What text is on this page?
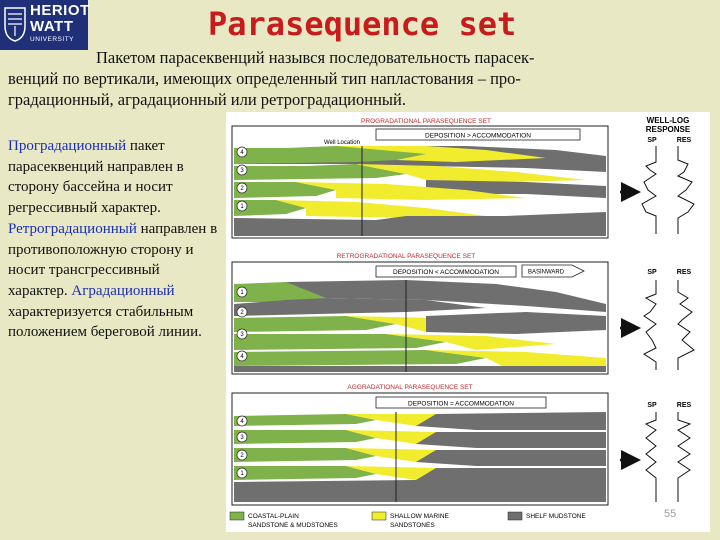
HERIOT
WATT
UNIVERSITY	Parasequence set

Пакетом парасеквенций назывся последовательность парасек-
венций по вертикали, имеющих определенный тип напластования – про-
градационный, аградационный или ретроградационный.

Проградационный пакет парасеквенций направлен в сторону бассейна и носит регрессивный характер. Ретроградационный направлен в противоположную сторону и носит трансгрессивный характер. Аградационный характеризуется стабильным положением береговой линии.

WELL-LOG
RESPONSE
PROGRADATIONAL PARASEQUENCE SET
Well Location
DEPOSITION > ACCOMMODATION
4
3
2
1
SP	RES
RETROGRADATIONAL PARASEQUENCE SET
DEPOSITION < ACCOMMODATION	BASINWARD
1
2
3
4
SP	RES
AGGRADATIONAL PARASEQUENCE SET
DEPOSITION = ACCOMMODATION
4
3
2
1
SP	RES
COASTAL-PLAIN
SANDSTONE & MUDSTONES
SHALLOW MARINE
SANDSTONES
SHELF MUDSTONE	55
